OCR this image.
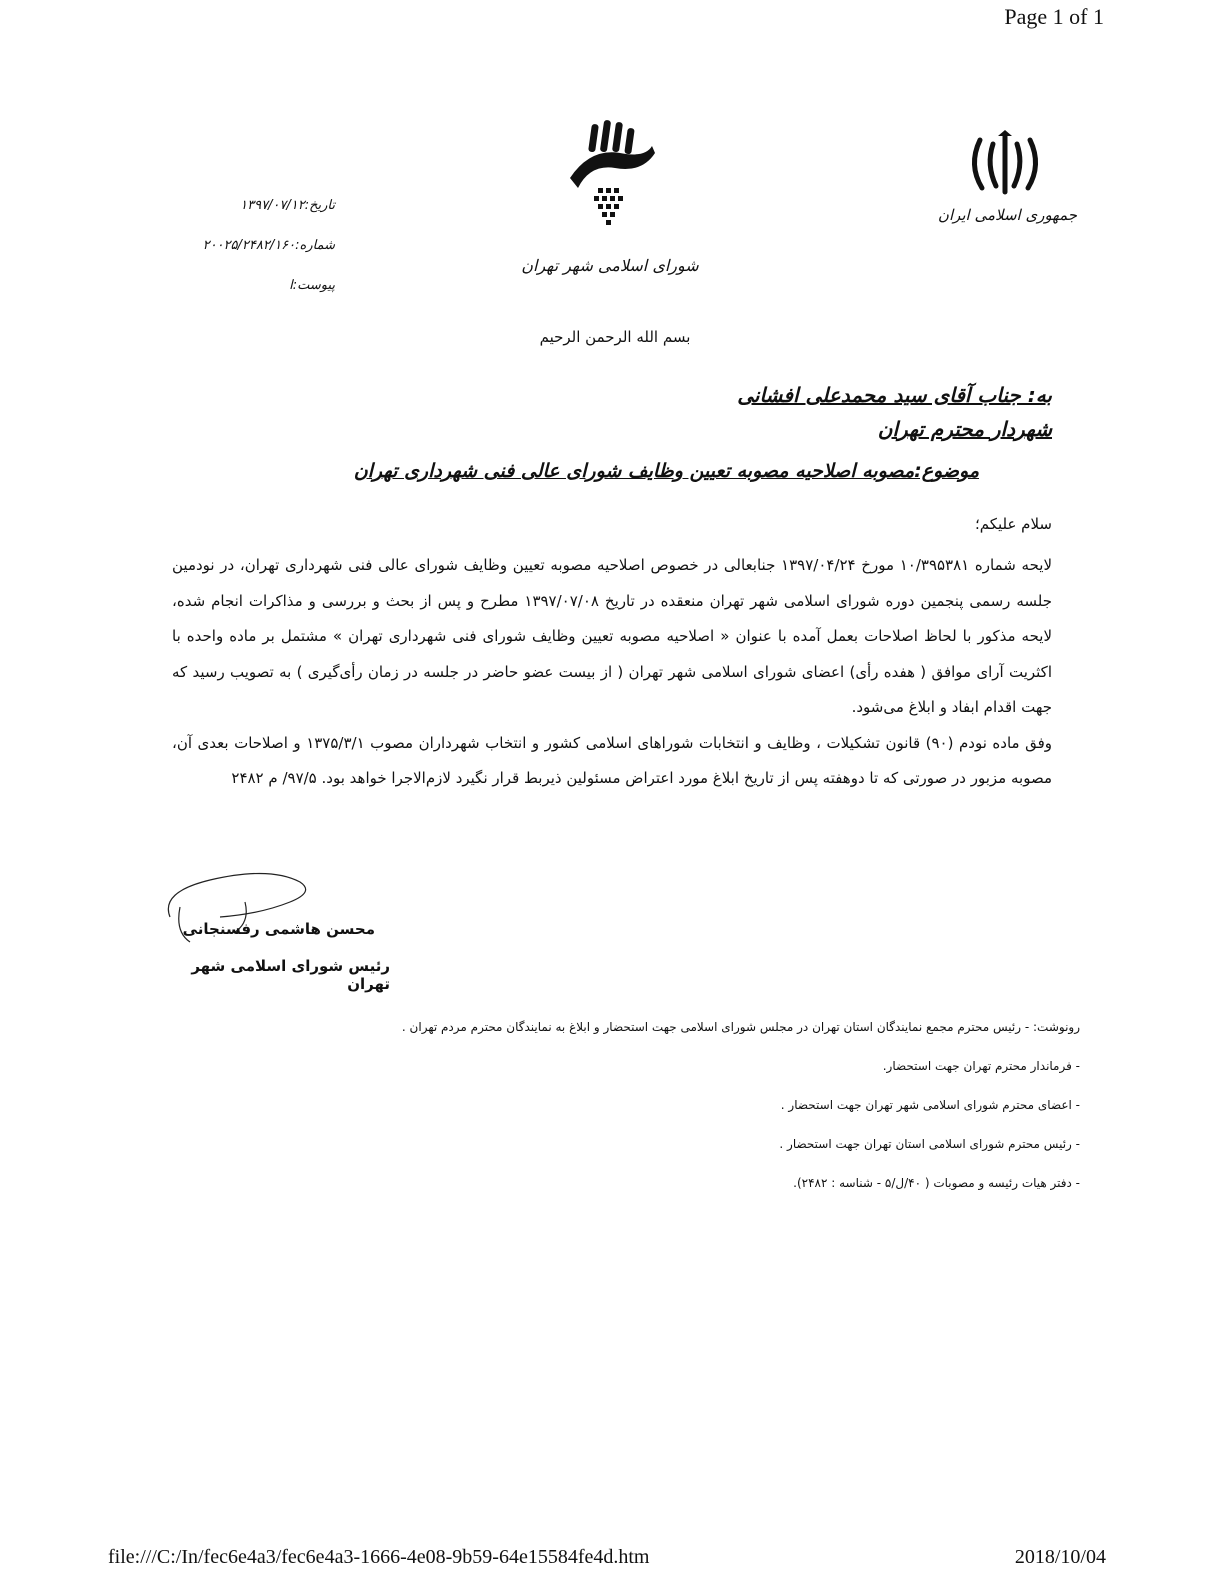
Page 1 of 1
file:///C:/In/fec6e4a3/fec6e4a3-1666-4e08-9b59-64e15584fe4d.htm	2018/10/04
جمهوری اسلامی ایران
شورای اسلامی شهر تهران
تاریخ:۱۳۹۷/۰۷/۱۲
شماره:۲۰۰۲۵/۲۴۸۲/۱۶۰
پیوست:ا
بسم الله الرحمن الرحیم
به: جناب آقای سید محمدعلی افشانی
شهردار محترم تهران
موضوع:مصوبه اصلاحیه مصوبه تعیین وظایف شورای عالی فنی شهرداری تهران
سلام علیکم؛

لایحه شماره ۱۰/۳۹۵۳۸۱ مورخ ۱۳۹۷/۰۴/۲۴ جنابعالی در خصوص اصلاحیه مصوبه تعیین وظایف شورای عالی فنی شهرداری تهران، در نودمین جلسه رسمی پنجمین دوره شورای اسلامی شهر تهران منعقده در تاریخ ۱۳۹۷/۰۷/۰۸ مطرح و پس از بحث و بررسی و مذاکرات انجام شده، لایحه مذکور با لحاظ اصلاحات بعمل آمده با عنوان « اصلاحیه مصوبه تعیین وظایف شورای فنی شهرداری تهران » مشتمل بر ماده واحده با اکثریت آرای موافق ( هفده رأی) اعضای شورای اسلامی شهر تهران ( از بیست عضو حاضر در جلسه در زمان رأی‌گیری ) به تصویب رسید که جهت اقدام ابفاد و ابلاغ می‌شود.

وفق ماده نودم (۹۰) قانون تشکیلات ، وظایف و انتخابات شوراهای اسلامی کشور و انتخاب شهرداران مصوب ۱۳۷۵/۳/۱ و اصلاحات بعدی آن، مصوبه مزبور در صورتی که تا دوهفته پس از تاریخ ابلاغ مورد اعتراض مسئولین ذیربط قرار نگیرد لازم‌الاجرا خواهد بود. ۹۷/۵/ م ۲۴۸۲

محسن هاشمی رفسنجانی
رئیس شورای اسلامی شهر تهران
رونوشت: - رئیس محترم مجمع نمایندگان استان تهران در مجلس شورای اسلامی جهت استحضار و ابلاغ به نمایندگان محترم مردم تهران .
- فرماندار محترم تهران جهت استحضار.
- اعضای محترم شورای اسلامی شهر تهران جهت استحضار .
- رئیس محترم شورای اسلامی استان تهران جهت استحضار .
- دفتر هیات رئیسه و مصوبات ( ۴۰/ل/۵ - شناسه : ۲۴۸۲).
